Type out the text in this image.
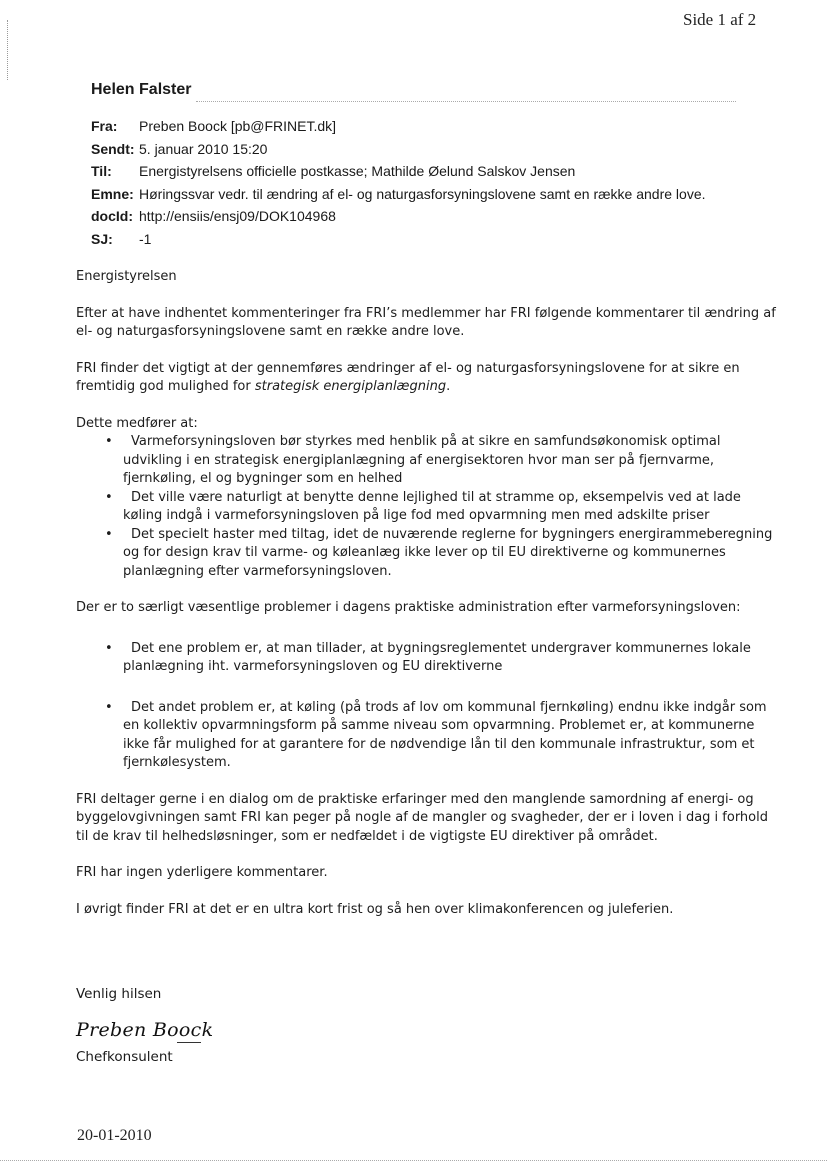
Side 1 af 2
Helen Falster
Fra:	Preben Boock [pb@FRINET.dk]
Sendt:	5. januar 2010 15:20
Til:	Energistyrelsens officielle postkasse; Mathilde Øelund Salskov Jensen
Emne:	Høringssvar vedr. til ændring af el- og naturgasforsyningslovene samt en række andre love.
docId:	http://ensiis/ensj09/DOK104968
SJ:	-1

Energistyrelsen

Efter at have indhentet kommenteringer fra FRI’s medlemmer har FRI følgende kommentarer til ændring af el- og naturgasforsyningslovene samt en række andre love.

FRI finder det vigtigt at der gennemføres ændringer af el- og naturgasforsyningslovene for at sikre en fremtidig god mulighed for strategisk energiplanlægning.

Dette medfører at:

•	Varmeforsyningsloven bør styrkes med henblik på at sikre en samfundsøkonomisk optimal udvikling i en strategisk energiplanlægning af energisektoren hvor man ser på fjernvarme, fjernkøling, el og bygninger som en helhed
•	Det ville være naturligt at benytte denne lejlighed til at stramme op, eksempelvis ved at lade køling indgå i varmeforsyningsloven på lige fod med opvarmning men med adskilte priser
•	Det specielt haster med tiltag, idet de nuværende reglerne for bygningers energirammeberegning og for design krav til varme- og køleanlæg ikke lever op til EU direktiverne og kommunernes planlægning efter varmeforsyningsloven.

Der er to særligt væsentlige problemer i dagens praktiske administration efter varmeforsyningsloven:

•	Det ene problem er, at man tillader, at bygningsreglementet undergraver kommunernes lokale planlægning iht. varmeforsyningsloven og EU direktiverne
•	Det andet problem er, at køling (på trods af lov om kommunal fjernkøling) endnu ikke indgår som en kollektiv opvarmningsform på samme niveau som opvarmning. Problemet er, at kommunerne ikke får mulighed for at garantere for de nødvendige lån til den kommunale infrastruktur, som et fjernkølesystem.

FRI deltager gerne i en dialog om de praktiske erfaringer med den manglende samordning af energi- og byggelovgivningen samt FRI kan peger på nogle af de mangler og svagheder, der er i loven i dag i forhold til de krav til helhedsløsninger, som er nedfældet i de vigtigste EU direktiver på området.

FRI har ingen yderligere kommentarer.

I øvrigt finder FRI at det er en ultra kort frist og så hen over klimakonferencen og juleferien.

Venlig hilsen
Preben Boock
Chefkonsulent
20-01-2010
